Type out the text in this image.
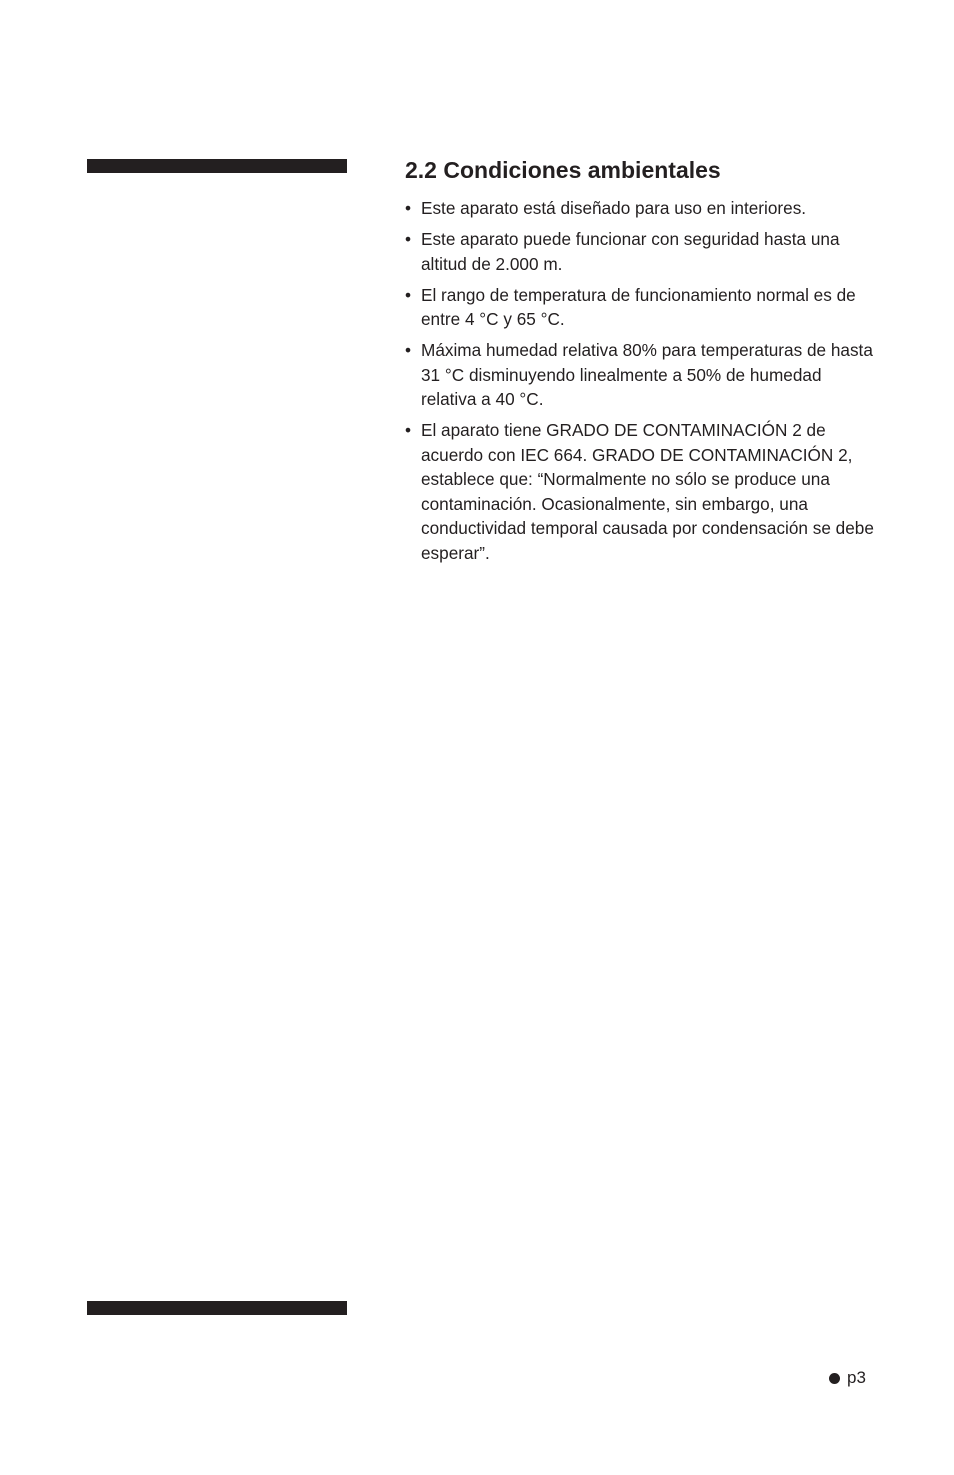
2.2 Condiciones ambientales
• Este aparato está diseñado para uso en interiores.
• Este aparato puede funcionar con seguridad hasta una altitud de 2.000 m.
• El rango de temperatura de funcionamiento normal es de entre 4 °C y 65 °C.
• Máxima humedad relativa 80% para temperaturas de hasta 31 °C disminuyendo linealmente a 50% de humedad relativa a 40 °C.
• El aparato tiene GRADO DE CONTAMINACIÓN 2 de acuerdo con IEC 664. GRADO DE CONTAMINACIÓN 2, establece que: “Normalmente no sólo se produce una contaminación. Ocasionalmente, sin embargo, una conductividad temporal causada por condensación se debe esperar”.
p3
